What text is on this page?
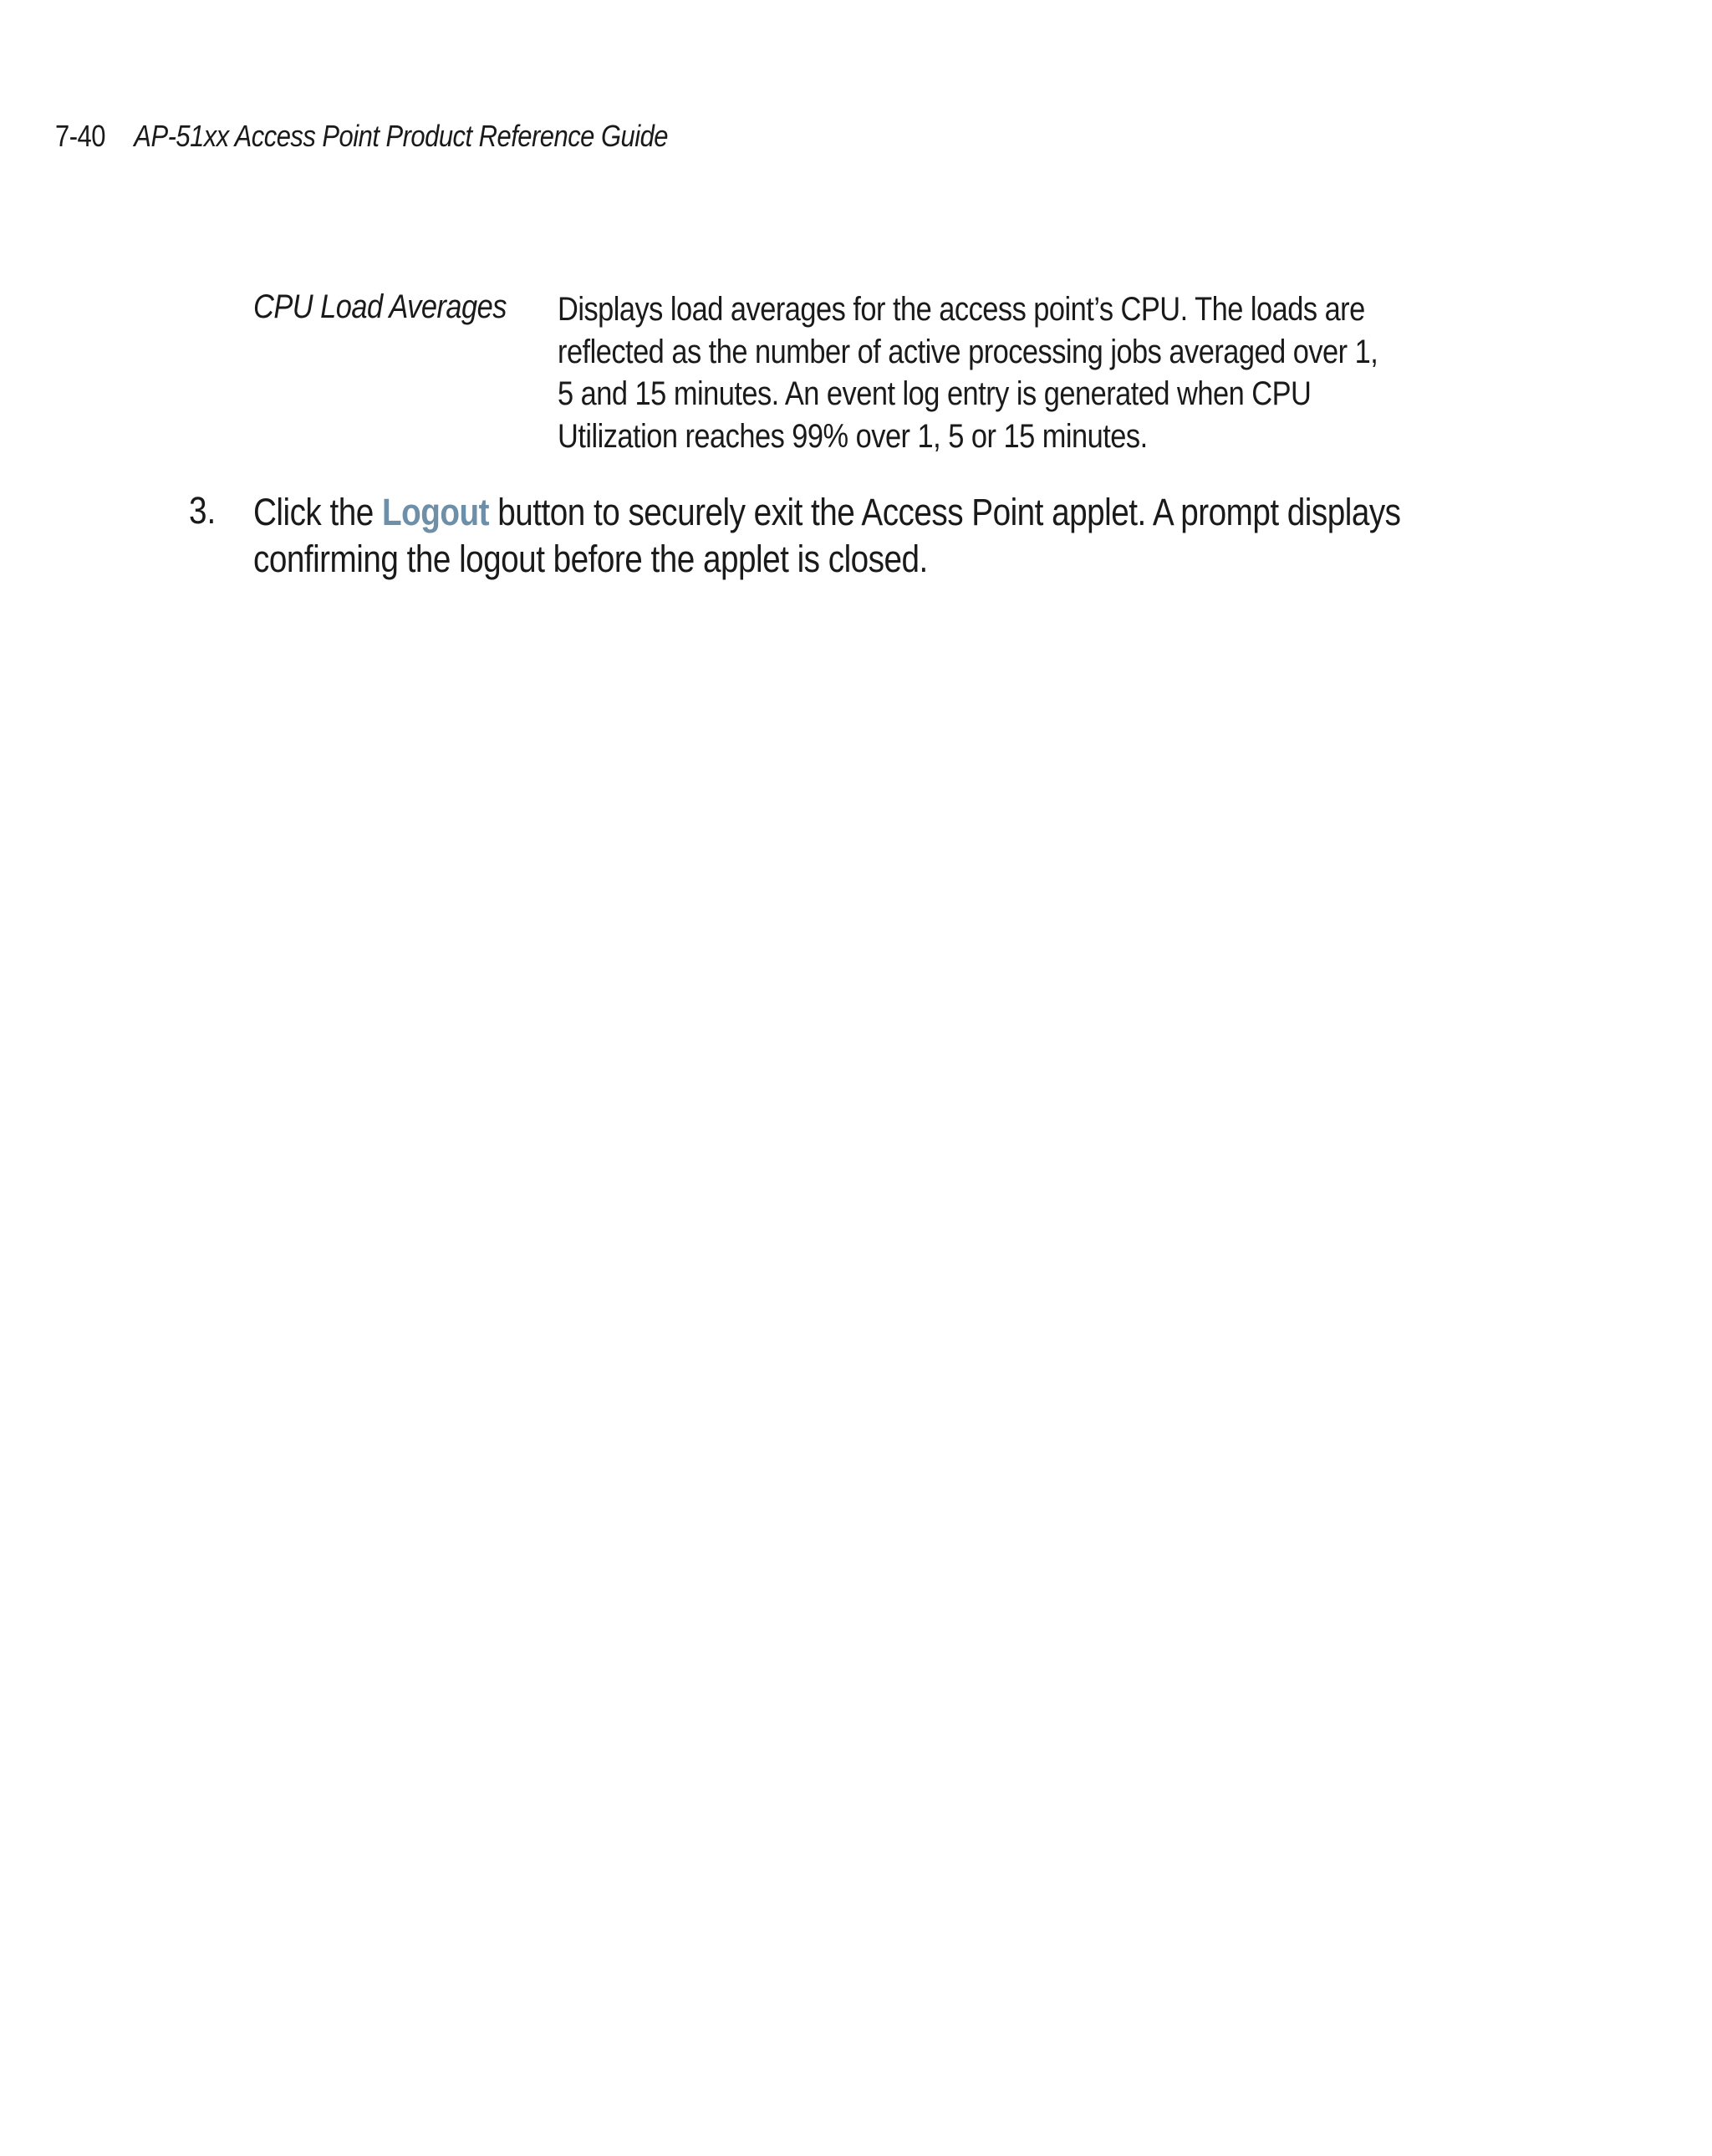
7-40 AP-51xx Access Point Product Reference Guide
CPU Load Averages Displays load averages for the access point’s CPU. The loads are
reflected as the number of active processing jobs averaged over 1,
5 and 15 minutes. An event log entry is generated when CPU
Utilization reaches 99% over 1, 5 or 15 minutes.
3. Click the Logout button to securely exit the Access Point applet. A prompt displays
confirming the logout before the applet is closed.
